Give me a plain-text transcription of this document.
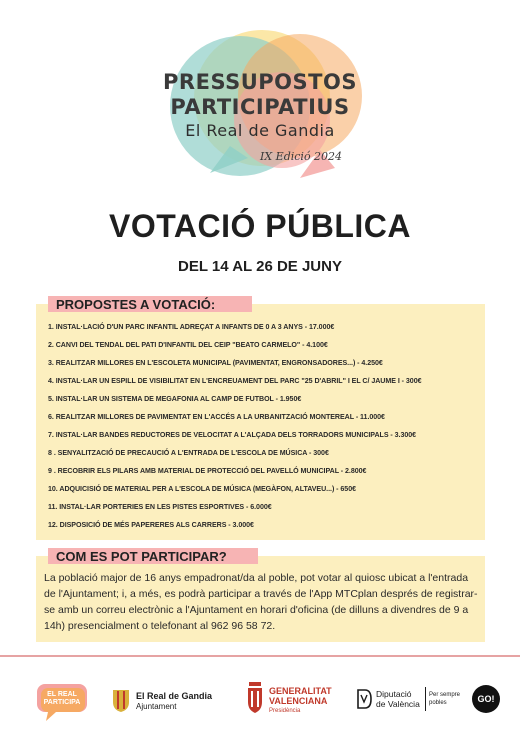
PRESSUPOSTOS
PARTICIPATIUS
El Real de Gandia
IX Edició 2024
VOTACIÓ PÚBLICA
DEL 14 AL 26 DE JUNY
PROPOSTES A VOTACIÓ:
1. INSTAL·LACIÓ D'UN PARC INFANTIL ADREÇAT A INFANTS DE 0 A 3 ANYS - 17.000€
2. CANVI DEL TENDAL DEL PATI D'INFANTIL DEL CEIP "BEATO CARMELO" - 4.100€
3. REALITZAR MILLORES EN L'ESCOLETA MUNICIPAL (PAVIMENTAT, ENGRONSADORES...) - 4.250€
4. INSTAL·LAR UN ESPILL DE VISIBILITAT EN L'ENCREUAMENT DEL PARC "25 D'ABRIL" I EL C/ JAUME I - 300€
5. INSTAL·LAR UN SISTEMA DE MEGAFONIA AL CAMP DE FUTBOL - 1.950€
6. REALITZAR MILLORES DE PAVIMENTAT EN L'ACCÉS A LA URBANITZACIÓ MONTEREAL - 11.000€
7. INSTAL·LAR BANDES REDUCTORES DE VELOCITAT A L'ALÇADA DELS TORRADORS MUNICIPALS - 3.300€
8 . SENYALITZACIÓ DE PRECAUCIÓ A L'ENTRADA DE L'ESCOLA DE MÚSICA - 300€
9 . RECOBRIR ELS PILARS AMB MATERIAL DE PROTECCIÓ DEL PAVELLÓ MUNICIPAL - 2.800€
10. ADQUICISIÓ DE MATERIAL PER A L'ESCOLA DE MÚSICA (MEGÀFON, ALTAVEU...) - 650€
11. INSTAL·LAR PORTERIES EN LES PISTES ESPORTIVES - 6.000€
12. DISPOSICIÓ DE MÉS PAPERERES ALS CARRERS - 3.000€
COM ES POT PARTICIPAR?

La població major de 16 anys empadronat/da al poble, pot votar al quiosc ubicat a l'entrada de l'Ajuntament; i, a més, es podrà participar a través de l'App MTCplan després de registrar-se amb un correu electrònic a l'Ajuntament en horari d'oficina (de dilluns a divendres de 9 a 14h) presencialment o telefonant al 962 96 58 72.

EL REAL
PARTICIPA
El Real de Gandia
Ajuntament
GENERALITAT
VALENCIANA
Presidència
Diputació
de València
Per sempre
pobles	GO!
